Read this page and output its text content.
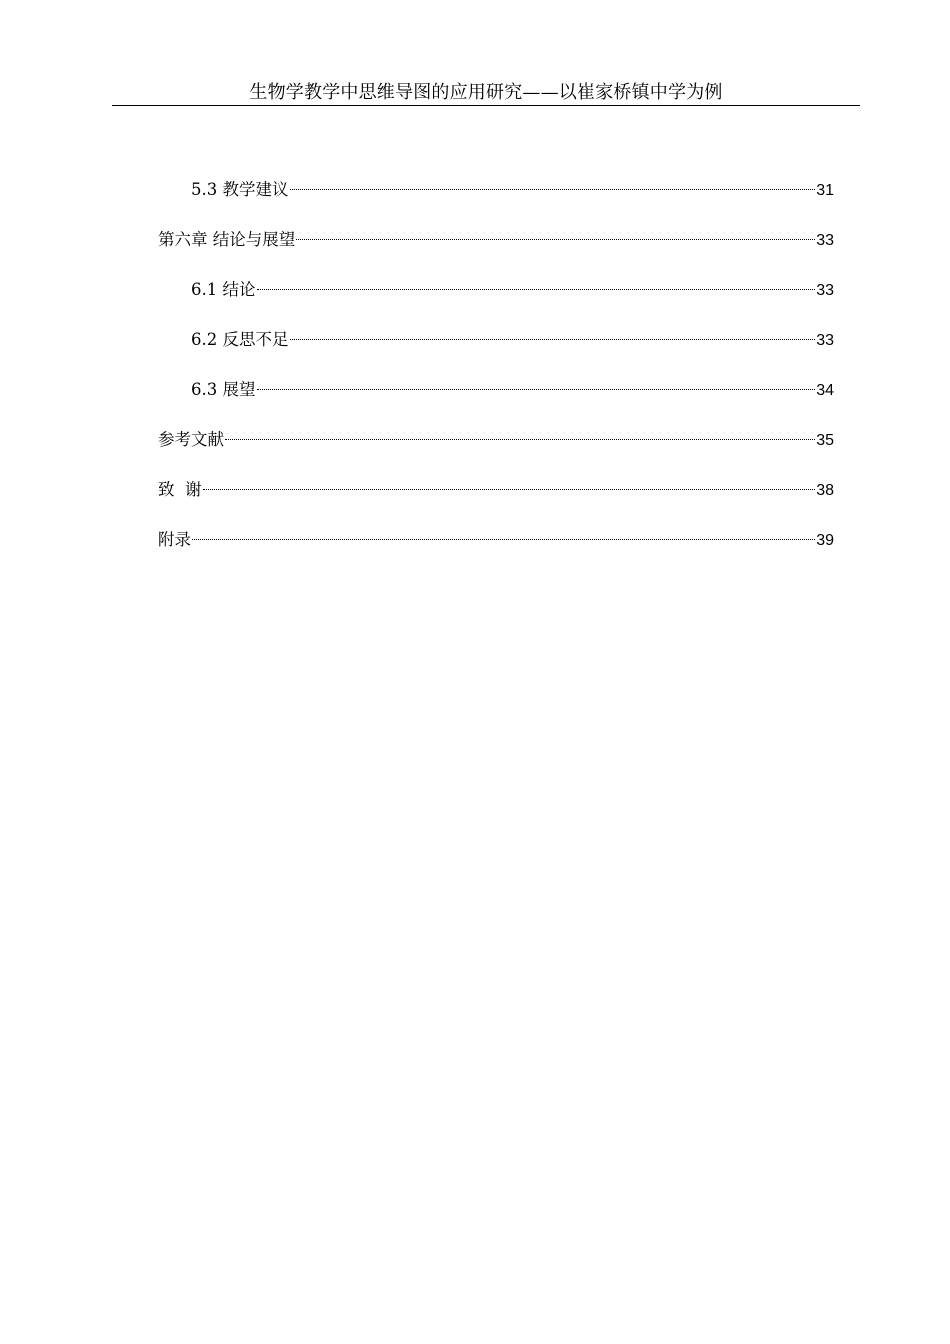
生物学教学中思维导图的应用研究——以崔家桥镇中学为例
5.3 教学建议	31
第六章 结论与展望	33
6.1 结论	33
6.2 反思不足	33
6.3 展望	34
参考文献	35
致  谢	38
附录	39
